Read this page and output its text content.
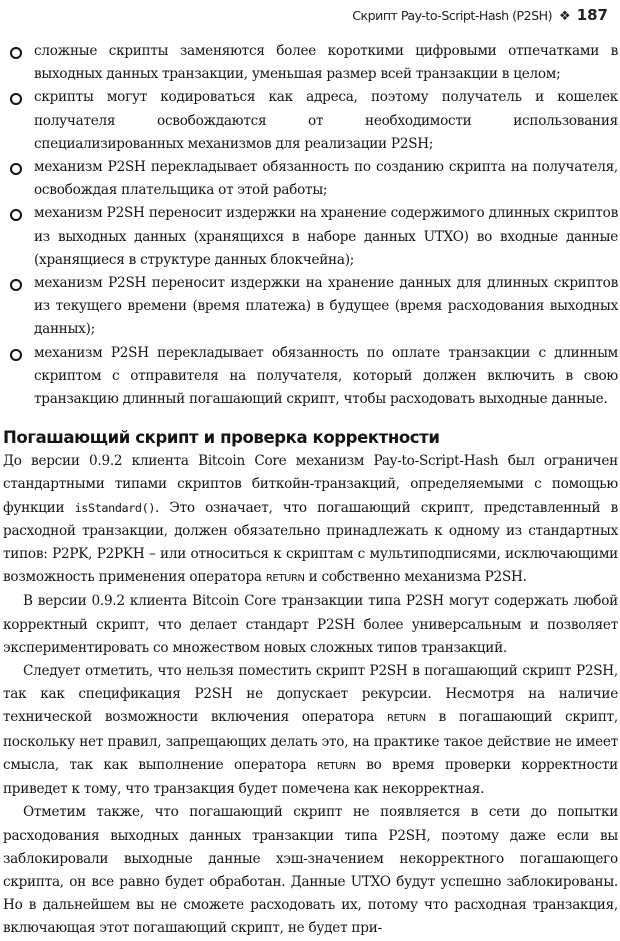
Скрипт Pay-to-Script-Hash (P2SH) ❖ 187
сложные скрипты заменяются более короткими цифровыми отпечатками в выходных данных транзакции, уменьшая размер всей транзакции в целом;
скрипты могут кодироваться как адреса, поэтому получатель и кошелек получателя освобождаются от необходимости использования специализированных механизмов для реализации P2SH;
механизм P2SH перекладывает обязанность по созданию скрипта на получателя, освобождая плательщика от этой работы;
механизм P2SH переносит издержки на хранение содержимого длинных скриптов из выходных данных (хранящихся в наборе данных UTXO) во входные данные (хранящиеся в структуре данных блокчейна);
механизм P2SH переносит издержки на хранение данных для длинных скриптов из текущего времени (время платежа) в будущее (время расходования выходных данных);
механизм P2SH перекладывает обязанность по оплате транзакции с длинным скриптом с отправителя на получателя, который должен включить в свою транзакцию длинный погашающий скрипт, чтобы расходовать выходные данные.
Погашающий скрипт и проверка корректности

До версии 0.9.2 клиента Bitcoin Core механизм Pay-to-Script-Hash был ограничен стандартными типами скриптов биткойн-транзакций, определяемыми с помощью функции isStandard(). Это означает, что погашающий скрипт, представленный в расходной транзакции, должен обязательно принадлежать к одному из стандартных типов: P2PK, P2PKH – или относиться к скриптам с мультиподписями, исключающими возможность применения оператора RETURN и собственно механизма P2SH.

В версии 0.9.2 клиента Bitcoin Core транзакции типа P2SH могут содержать любой корректный скрипт, что делает стандарт P2SH более универсальным и позволяет экспериментировать со множеством новых сложных типов транзакций.

Следует отметить, что нельзя поместить скрипт P2SH в погашающий скрипт P2SH, так как спецификация P2SH не допускает рекурсии. Несмотря на наличие технической возможности включения оператора RETURN в погашающий скрипт, поскольку нет правил, запрещающих делать это, на практике такое действие не имеет смысла, так как выполнение оператора RETURN во время проверки корректности приведет к тому, что транзакция будет помечена как некорректная.

Отметим также, что погашающий скрипт не появляется в сети до попытки расходования выходных данных транзакции типа P2SH, поэтому даже если вы заблокировали выходные данные хэш-значением некорректного погашающего скрипта, он все равно будет обработан. Данные UTXO будут успешно заблокированы. Но в дальнейшем вы не сможете расходовать их, потому что расходная транзакция, включающая этот погашающий скрипт, не будет при-
